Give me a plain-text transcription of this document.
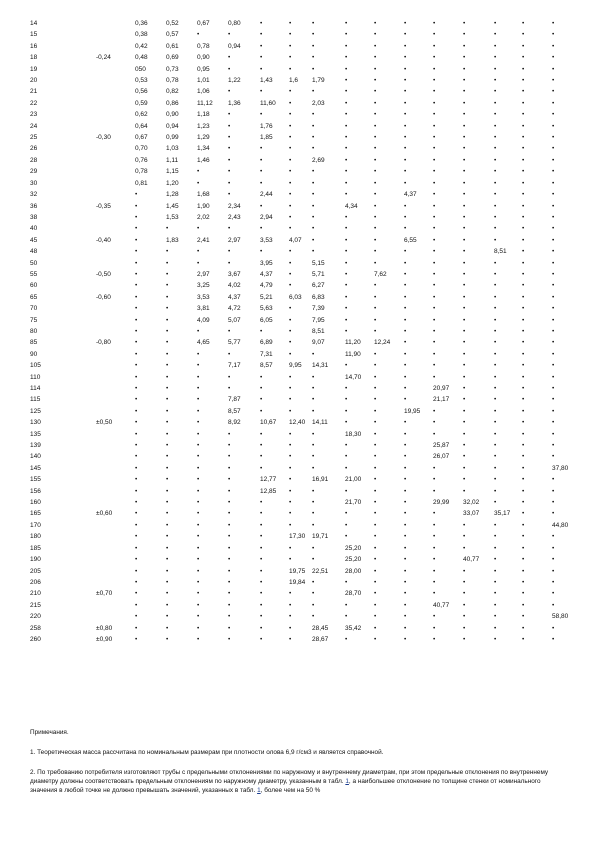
14		0,36	0,52	0,67	0,80	•	•	•	•	•	•	•	•	•	•	•
15		0,38	0,57	•	•	•	•	•	•	•	•	•	•	•	•	•
16		0,42	0,61	0,78	0,94	•	•	•	•	•	•	•	•	•	•	•
18	-0,24	0,48	0,69	0,90	•	•	•	•	•	•	•	•	•	•	•	•
19		050	0,73	0,95	•	•	•	•	•	•	•	•	•	•	•	•
20		0,53	0,78	1,01	1,22	1,43	1,6	1,79	•	•	•	•	•	•	•	•
21		0,56	0,82	1,06	•	•	•	•	•	•	•	•	•	•	•	•
22		0,59	0,86	11,12	1,36	11,60	•	2,03	•	•	•	•	•	•	•	•
23		0,62	0,90	1,18	•	•	•	•	•	•	•	•	•	•	•	•
24		0,64	0,94	1,23	•	1,76	•	•	•	•	•	•	•	•	•	•
25	-0,30	0,67	0,99	1,29	•	1,85	•	•	•	•	•	•	•	•	•	•
26		0,70	1,03	1,34	•	•	•	•	•	•	•	•	•	•	•	•
28		0,76	1,11	1,46	•	•	•	2,69	•	•	•	•	•	•	•	•
29		0,78	1,15	•	•	•	•	•	•	•	•	•	•	•	•	•
30		0,81	1,20	•	•	•	•	•	•	•	•	•	•	•	•	•
32		•	1,28	1,68	•	2,44	•	•	•	•	4,37	•	•	•	•	•
36	-0,35	•	1,45	1,90	2,34	•	•	•	4,34	•	•	•	•	•	•	•
38		•	1,53	2,02	2,43	2,94	•	•	•	•	•	•	•	•	•	•
40		•	•	•	•	•	•	•	•	•	•	•	•	•	•	•
45	-0,40	•	1,83	2,41	2,97	3,53	4,07	•	•	•	6,55	•	•	•	•	•
48		•	•	•	•	•	•	•	•	•	•	•	•	8,51	•	•
50		•	•	•	•	3,95	•	5,15	•	•	•	•	•	•	•	•
55	-0,50	•	•	2,97	3,67	4,37	•	5,71	•	7,62	•	•	•	•	•	•
60		•	•	3,25	4,02	4,79	•	6,27	•	•	•	•	•	•	•	•
65	-0,60	•	•	3,53	4,37	5,21	6,03	6,83	•	•	•	•	•	•	•	•
70		•	•	3,81	4,72	5,63	•	7,39	•	•	•	•	•	•	•	•
75		•	•	4,09	5,07	6,05	•	7,95	•	•	•	•	•	•	•	•
80		•	•	•	•	•	•	8,51	•	•	•	•	•	•	•	•
85	-0,80	•	•	4,65	5,77	6,89	•	9,07	11,20	12,24	•	•	•	•	•	•
90		•	•	•	•	7,31	•	•	11,90	•	•	•	•	•	•	•
105		•	•	•	7,17	8,57	9,95	14,31	•	•	•	•	•	•	•	•
110		•	•	•	•	•	•	•	14,70	•	•	•	•	•	•	•
114		•	•	•	•	•	•	•	•	•	•	20,97	•	•	•	•
115		•	•	•	7,87	•	•	•	•	•	•	21,17	•	•	•	•
125		•	•	•	8,57	•	•	•	•	•	19,95	•	•	•	•	•
130	±0,50	•	•	•	8,92	10,67	12,40	14,11	•	•	•	•	•	•	•	•
135		•	•	•	•	•	•	•	18,30	•	•	•	•	•	•	•
139		•	•	•	•	•	•	•	•	•	•	25,87	•	•	•	•
140		•	•	•	•	•	•	•	•	•	•	26,07	•	•	•	•
145		•	•	•	•	•	•	•	•	•	•	•	•	•	•	37,80
155		•	•	•	•	12,77	•	16,91	21,00	•	•	•	•	•	•	•
156		•	•	•	•	12,85	•	•	•	•	•	•	•	•	•	•
160		•	•	•	•	•	•	•	21,70	•	•	29,99	32,02	•	•	•
165	±0,60	•	•	•	•	•	•	•	•	•	•	•	33,07	35,17	•	•
170		•	•	•	•	•	•	•	•	•	•	•	•	•	•	44,80
180		•	•	•	•	•	17,30	19,71	•	•	•	•	•	•	•	•
185		•	•	•	•	•	•	•	25,20	•	•	•	•	•	•	•
190		•	•	•	•	•	•	•	25,20	•	•	•	40,77	•	•	•
205		•	•	•	•	•	19,75	22,51	28,00	•	•	•	•	•	•	•
206		•	•	•	•	•	19,84	•	•	•	•	•	•	•	•	•
210	±0,70	•	•	•	•	•	•	•	28,70	•	•	•	•	•	•	•
215		•	•	•	•	•	•	•	•	•	•	40,77	•	•	•	•
220		•	•	•	•	•	•	•	•	•	•	•	•	•	•	58,80
258	±0,80	•	•	•	•	•	•	28,45	35,42	•	•	•	•	•	•	•
260	±0,90	•	•	•	•	•	•	28,67	•	•	•	•	•	•	•	•

Примечания.

1. Теоретическая масса рассчитана по номинальным размерам при плотности олова 6,9 г/см3 и является справочной.

2. По требованию потребителя изготовляют трубы с предельными отклонениями по наружному и внутреннему диаметрам, при этом предельные отклонения по внутреннему диаметру должны соответствовать предельным отклонениям по наружному диаметру, указанным в табл. 1, а наибольшее отклонение по толщине стенки от номинального значения в любой точке не должно превышать значений, указанных в табл. 1, более чем на 50 %
